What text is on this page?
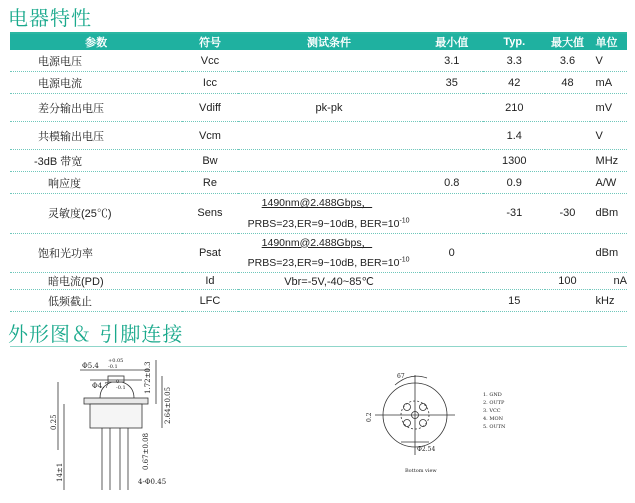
电器特性
参数	符号	测试条件	最小值	Typ.	最大值	单位
电源电压	Vcc		3.1	3.3	3.6	V
电源电流	Icc		35	42	48	mA
差分输出电压	Vdiff	pk-pk		210		mV
共模输出电压	Vcm			1.4		V
-3dB 带宽	Bw			1300		MHz
响应度	Re		0.8	0.9		A/W
灵敏度(25℃)	Sens	1490nm@2.488Gbps，
PRBS=23,ER=9~10dB, $BER=10^{-10}$		-31	-30	dBm
饱和光功率	Psat	1490nm@2.488Gbps，
PRBS=23,ER=9~10dB, $BER=10^{-10}$	0			dBm
暗电流(PD)	Id	Vbr=-5V,-40~85℃			100	nA
低频截止	LFC			15		kHz
外形图＆ 引脚连接
Φ5.4
+0.05
-0.1
Φ4.7 0
-0.1	1.72±0.3
2.64±0.05
0.25
0.67±0.08
14±1	4-Φ0.45
67
0.2
Φ2.54
Bottom view
1. GND
2. OUTP
3. VCC
4. MON
5. OUTN
